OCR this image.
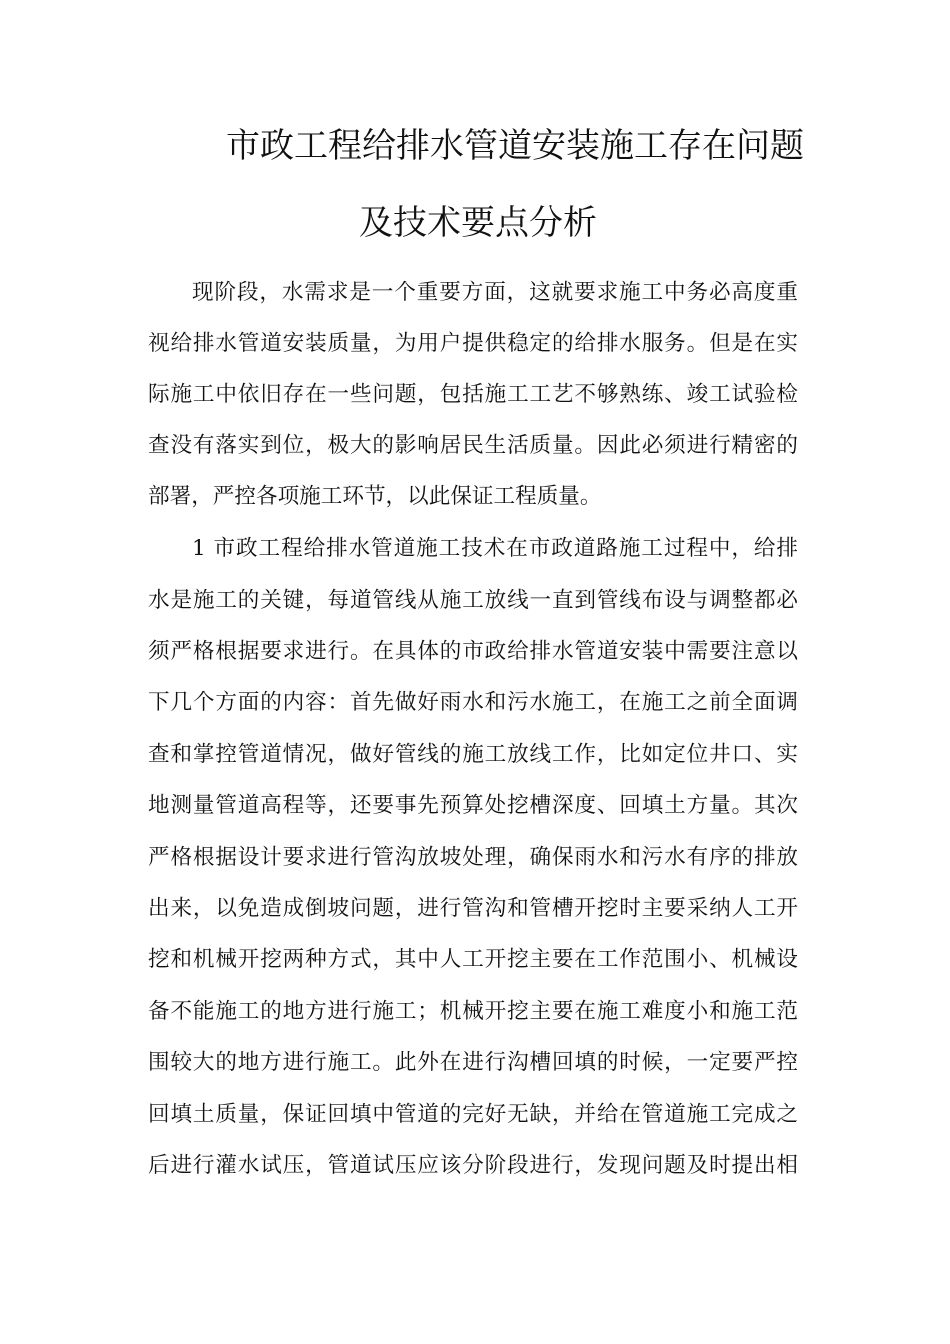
市政工程给排水管道安装施工存在问题
及技术要点分析
现阶段，水需求是一个重要方面，这就要求施工中务必高度重
视给排水管道安装质量，为用户提供稳定的给排水服务。但是在实
际施工中依旧存在一些问题，包括施工工艺不够熟练、竣工试验检
查没有落实到位，极大的影响居民生活质量。因此必须进行精密的
部署，严控各项施工环节，以此保证工程质量。
1 市政工程给排水管道施工技术在市政道路施工过程中，给排
水是施工的关键，每道管线从施工放线一直到管线布设与调整都必
须严格根据要求进行。在具体的市政给排水管道安装中需要注意以
下几个方面的内容：首先做好雨水和污水施工，在施工之前全面调
查和掌控管道情况，做好管线的施工放线工作，比如定位井口、实
地测量管道高程等，还要事先预算处挖槽深度、回填土方量。其次
严格根据设计要求进行管沟放坡处理，确保雨水和污水有序的排放
出来，以免造成倒坡问题，进行管沟和管槽开挖时主要采纳人工开
挖和机械开挖两种方式，其中人工开挖主要在工作范围小、机械设
备不能施工的地方进行施工；机械开挖主要在施工难度小和施工范
围较大的地方进行施工。此外在进行沟槽回填的时候，一定要严控
回填土质量，保证回填中管道的完好无缺，并给在管道施工完成之
后进行灌水试压，管道试压应该分阶段进行，发现问题及时提出相
